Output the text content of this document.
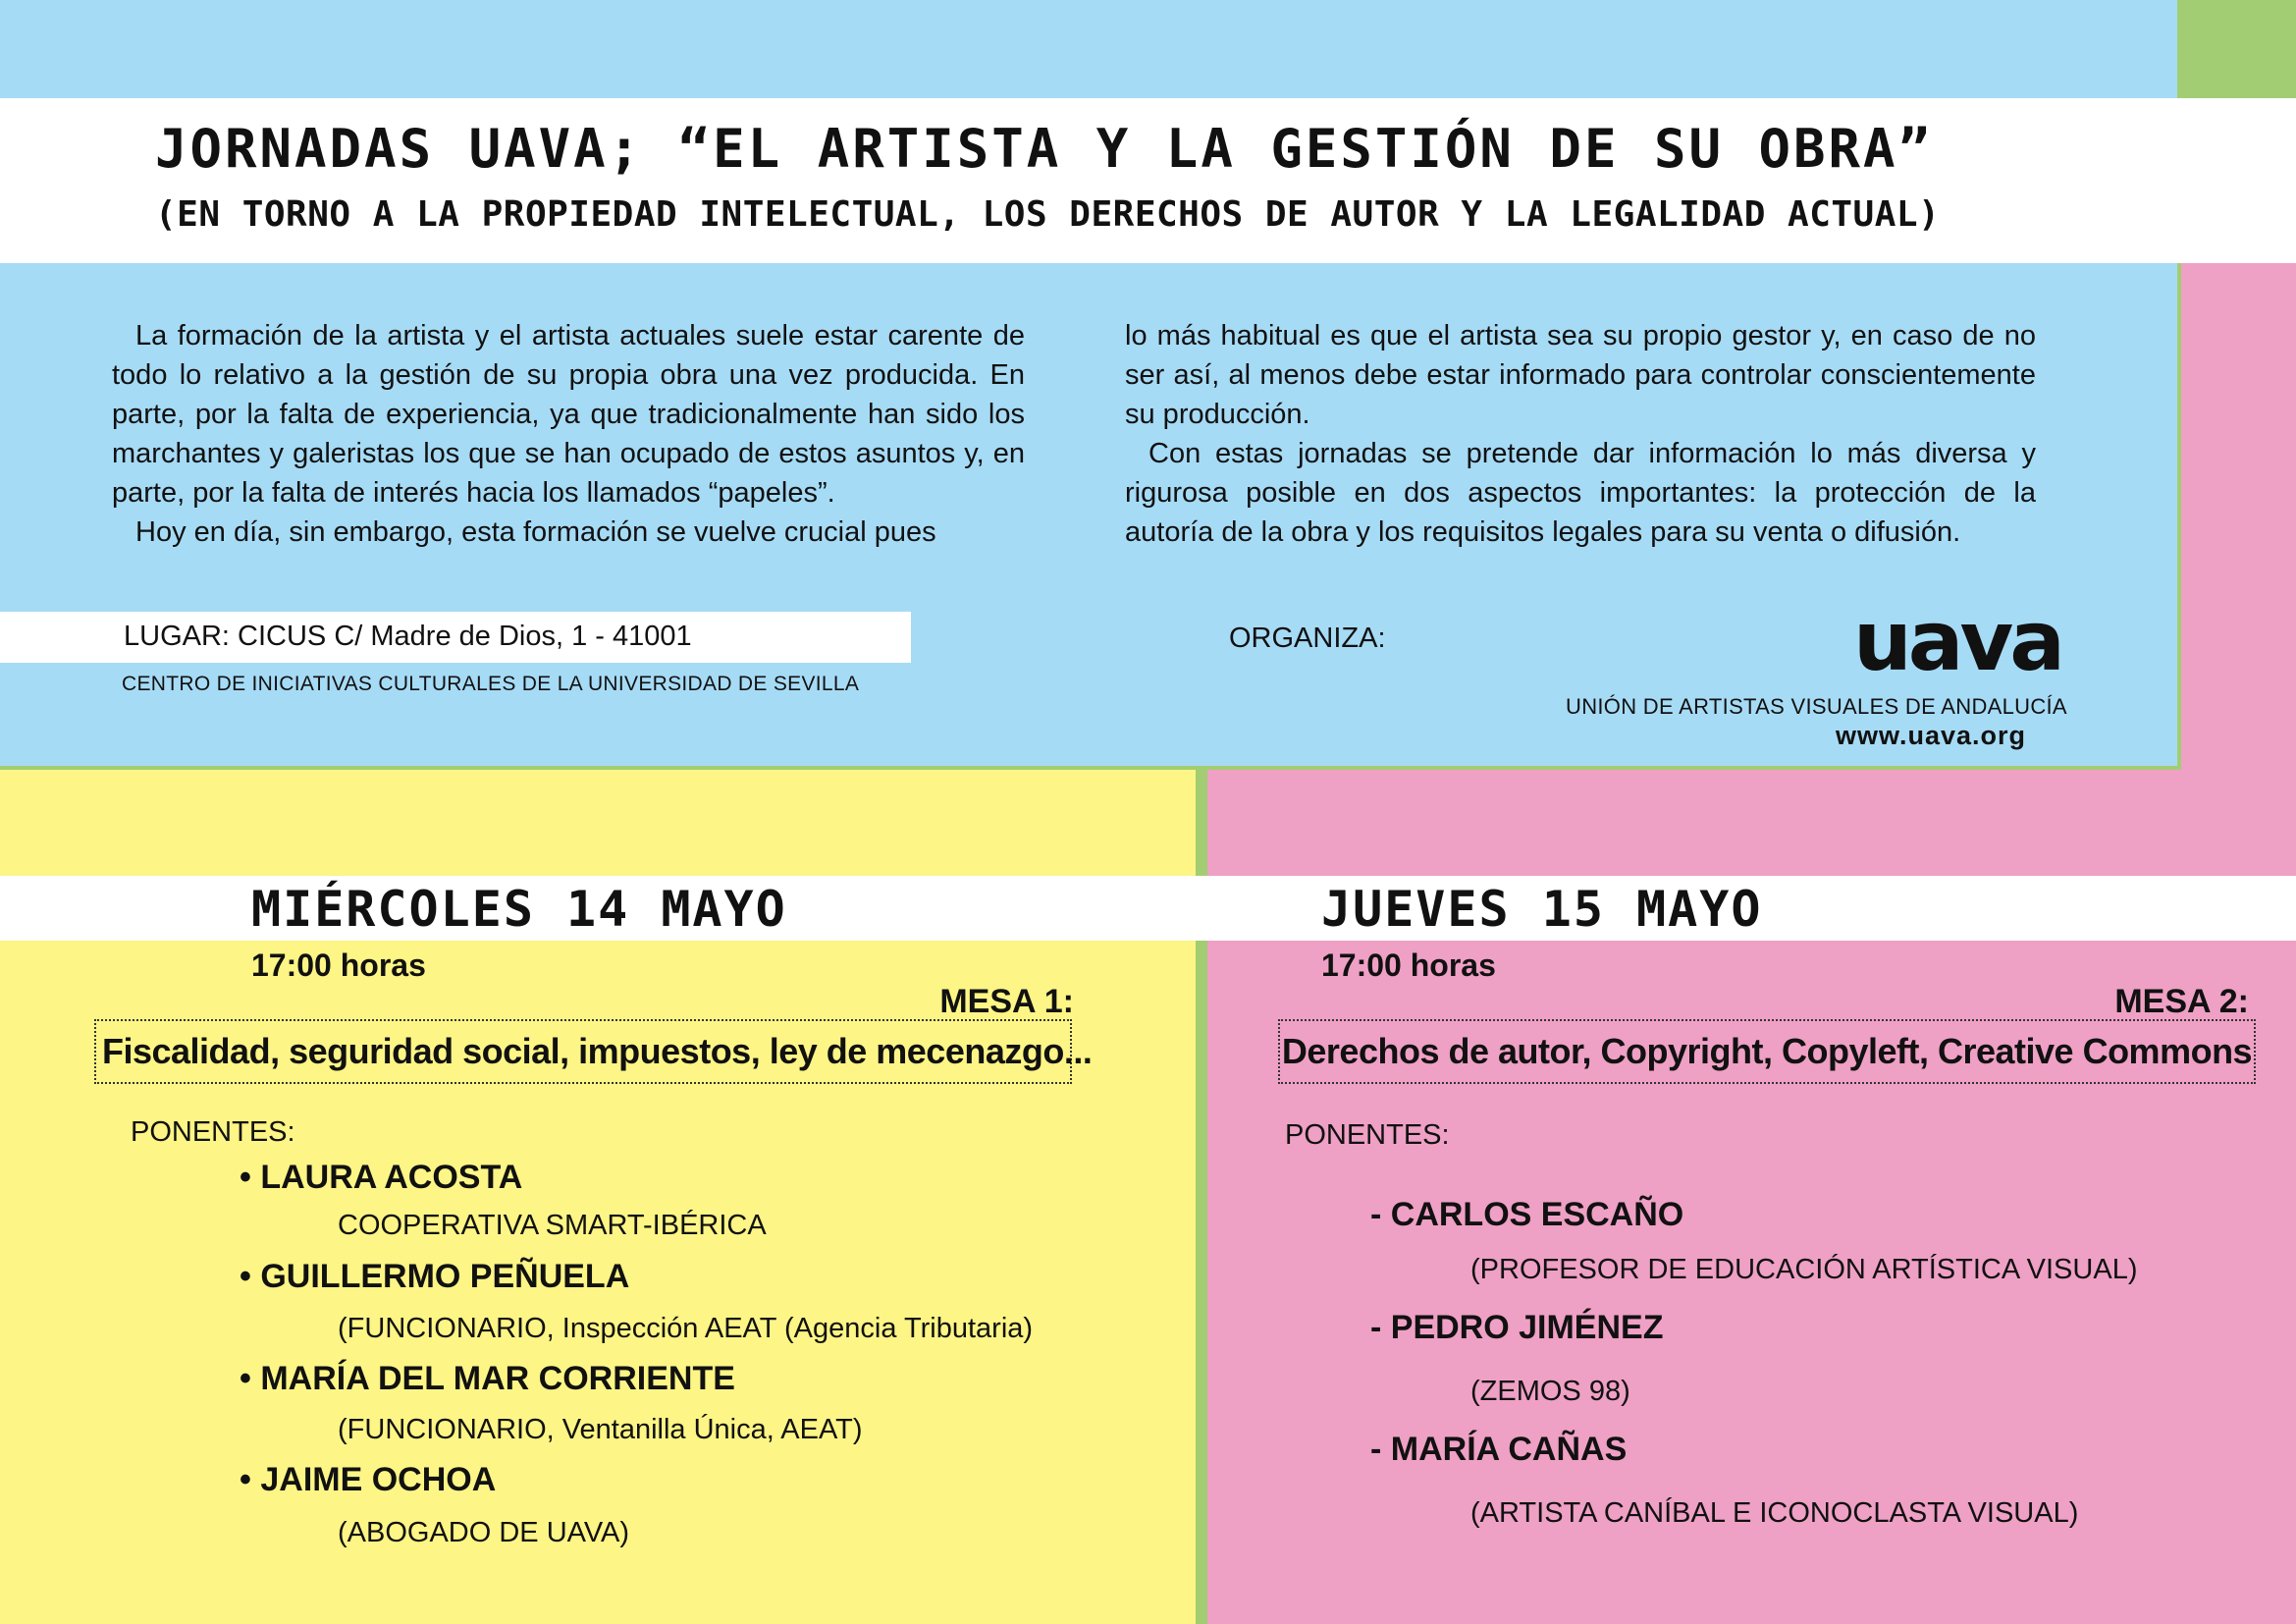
JORNADAS UAVA; “EL ARTISTA Y LA GESTIÓN DE SU OBRA”
(EN TORNO A LA PROPIEDAD INTELECTUAL, LOS DERECHOS DE AUTOR Y LA LEGALIDAD ACTUAL)

La formación de la artista y el artista actuales suele estar carente de todo lo relativo a la gestión de su propia obra una vez producida. En parte, por la falta de experiencia, ya que tradicionalmente han sido los marchantes y galeristas los que se han ocupado de estos asuntos y, en parte, por la falta de interés hacia los llamados “papeles”.

Hoy en día, sin embargo, esta formación se vuelve crucial pues

lo más habitual es que el artista sea su propio gestor y, en caso de no ser así, al menos debe estar informado para controlar conscientemente su producción.

Con estas jornadas se pretende dar información lo más diversa y rigurosa posible en dos aspectos importantes: la protección de la autoría de la obra y los requisitos legales para su venta o difusión.

LUGAR: CICUS C/ Madre de Dios, 1 - 41001
CENTRO DE INICIATIVAS CULTURALES DE LA UNIVERSIDAD DE SEVILLA
ORGANIZA:	uava
UNIÓN DE ARTISTAS VISUALES DE ANDALUCÍA
www.uava.org
MIÉRCOLES 14 MAYO	JUEVES 15 MAYO
17:00 horas	17:00 horas
MESA 1:	MESA 2:
Fiscalidad, seguridad social, impuestos, ley de mecenazgo...	Derechos de autor, Copyright, Copyleft, Creative Commons
PONENTES:	PONENTES:
• LAURA ACOSTA
COOPERATIVA SMART-IBÉRICA
• GUILLERMO PEÑUELA
(FUNCIONARIO, Inspección AEAT (Agencia Tributaria)
• MARÍA DEL MAR CORRIENTE
(FUNCIONARIO, Ventanilla Única, AEAT)
• JAIME OCHOA
(ABOGADO DE UAVA)
- CARLOS ESCAÑO
(PROFESOR DE EDUCACIÓN ARTÍSTICA VISUAL)
- PEDRO JIMÉNEZ
(ZEMOS 98)
- MARÍA CAÑAS
(ARTISTA CANÍBAL E ICONOCLASTA VISUAL)
